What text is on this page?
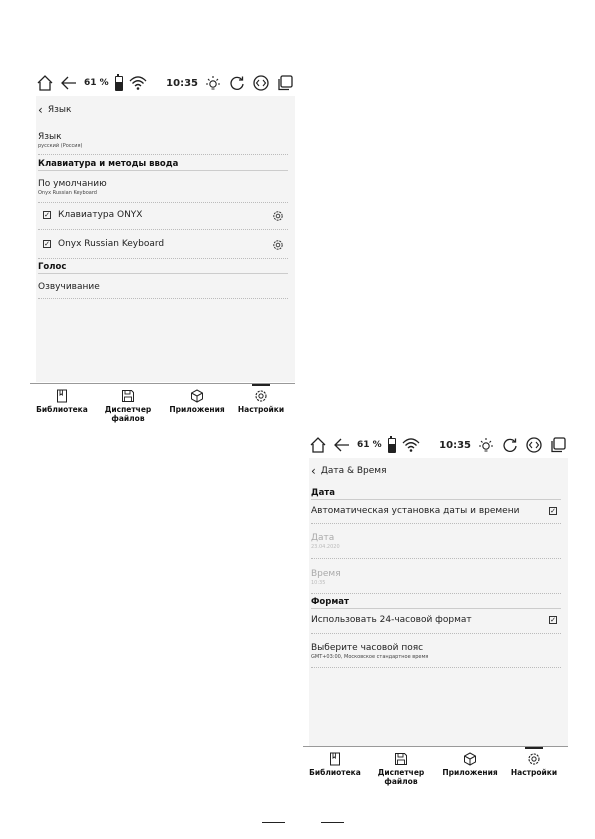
61 %	10:35
‹ Язык
Язык
русский (Россия)
Клавиатура и методы ввода
По умолчанию
Onyx Russian Keyboard
✓ Клавиатура ONYX
✓ Onyx Russian Keyboard
Голос
Озвучивание
Библиотека	Диспетчер файлов
Приложения	Настройки
61 %	10:35
‹ Дата & Время
Дата
Автоматическая установка даты и времени	✓
Дата
23.04.2020
Время
10:35
Формат
Использовать 24-часовой формат	✓
Выберите часовой пояс
GMT+03:00, Московское стандартное время
Библиотека	Диспетчер файлов
Приложения	Настройки
